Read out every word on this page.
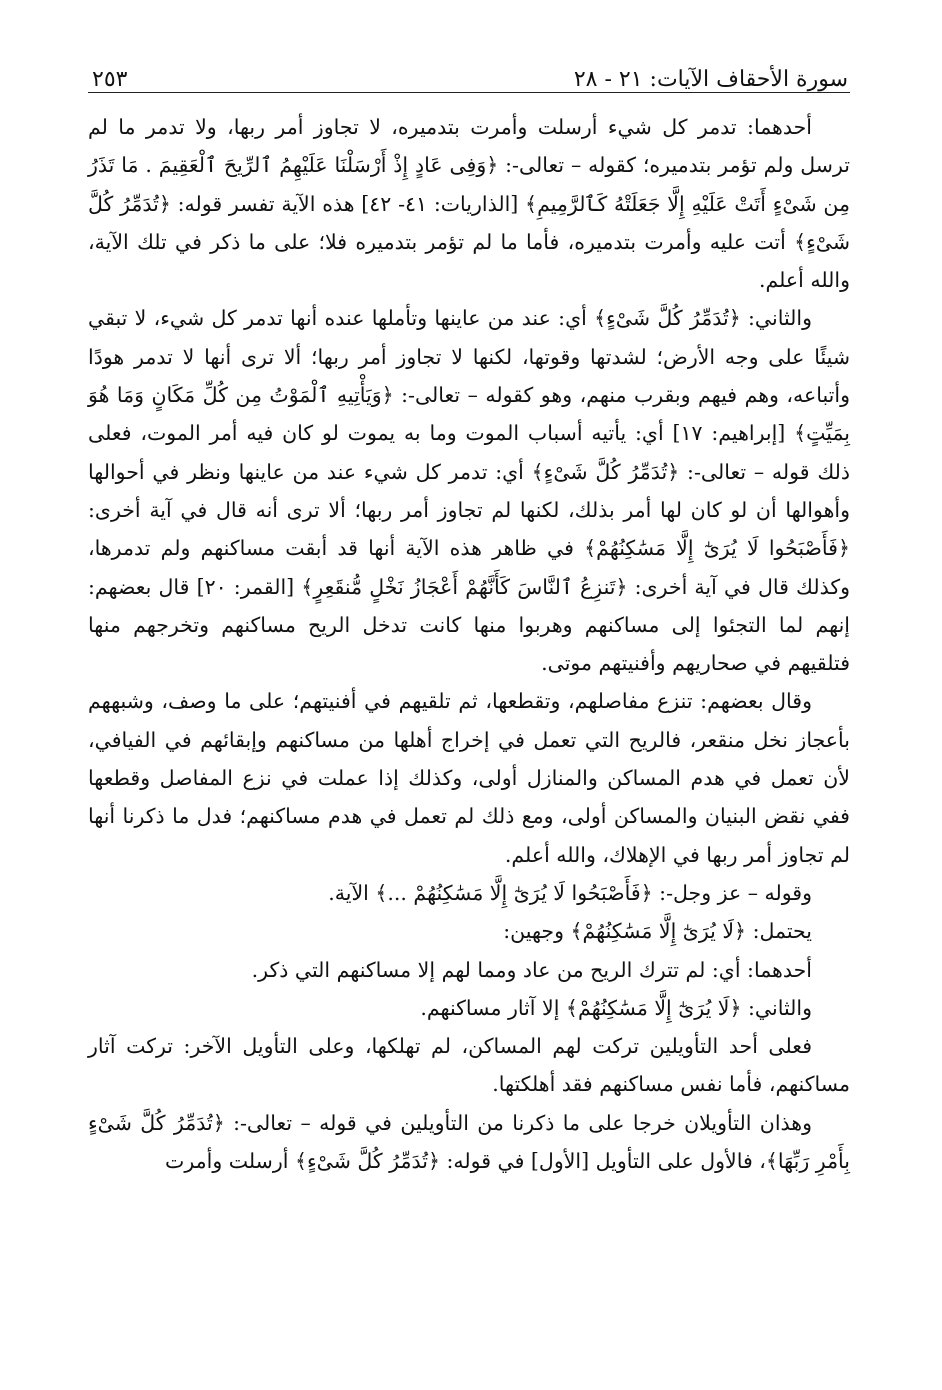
سورة الأحقاف الآيات: ٢١ - ٢٨
٢٥٣

أحدهما: تدمر كل شيء أرسلت وأمرت بتدميره، لا تجاوز أمر ربها، ولا تدمر ما لم ترسل ولم تؤمر بتدميره؛ كقوله – تعالى-: ﴿وَفِى عَادٍ إِذْ أَرْسَلْنَا عَلَيْهِمُ ٱلرِّيحَ ٱلْعَقِيمَ . مَا تَذَرُ مِن شَىْءٍ أَتَتْ عَلَيْهِ إِلَّا جَعَلَتْهُ كَٱلرَّمِيمِ﴾ [الذاريات: ٤١- ٤٢] هذه الآية تفسر قوله: ﴿تُدَمِّرُ كُلَّ شَىْءٍ﴾ أتت عليه وأمرت بتدميره، فأما ما لم تؤمر بتدميره فلا؛ على ما ذكر في تلك الآية، والله أعلم.

والثاني: ﴿تُدَمِّرُ كُلَّ شَىْءٍ﴾ أي: عند من عاينها وتأملها عنده أنها تدمر كل شيء، لا تبقي شيئًا على وجه الأرض؛ لشدتها وقوتها، لكنها لا تجاوز أمر ربها؛ ألا ترى أنها لا تدمر هودًا وأتباعه، وهم فيهم وبقرب منهم، وهو كقوله – تعالى-: ﴿وَيَأْتِيهِ ٱلْمَوْتُ مِن كُلِّ مَكَانٍ وَمَا هُوَ بِمَيِّتٍ﴾ [إبراهيم: ١٧] أي: يأتيه أسباب الموت وما به يموت لو كان فيه أمر الموت، فعلى ذلك قوله – تعالى-: ﴿تُدَمِّرُ كُلَّ شَىْءٍ﴾ أي: تدمر كل شيء عند من عاينها ونظر في أحوالها وأهوالها أن لو كان لها أمر بذلك، لكنها لم تجاوز أمر ربها؛ ألا ترى أنه قال في آية أخرى: ﴿فَأَصْبَحُوا لَا يُرَىٰٓ إِلَّا مَسَٰكِنُهُمْ﴾ في ظاهر هذه الآية أنها قد أبقت مساكنهم ولم تدمرها، وكذلك قال في آية أخرى: ﴿تَنزِعُ ٱلنَّاسَ كَأَنَّهُمْ أَعْجَازُ نَخْلٍ مُّنقَعِرٍ﴾ [القمر: ٢٠] قال بعضهم: إنهم لما التجئوا إلى مساكنهم وهربوا منها كانت تدخل الريح مساكنهم وتخرجهم منها فتلقيهم في صحاريهم وأفنيتهم موتى.

وقال بعضهم: تنزع مفاصلهم، وتقطعها، ثم تلقيهم في أفنيتهم؛ على ما وصف، وشبههم بأعجاز نخل منقعر، فالريح التي تعمل في إخراج أهلها من مساكنهم وإبقائهم في الفيافي، لأن تعمل في هدم المساكن والمنازل أولى، وكذلك إذا عملت في نزع المفاصل وقطعها ففي نقض البنيان والمساكن أولى، ومع ذلك لم تعمل في هدم مساكنهم؛ فدل ما ذكرنا أنها لم تجاوز أمر ربها في الإهلاك، والله أعلم.

وقوله – عز وجل-: ﴿فَأَصْبَحُوا لَا يُرَىٰٓ إِلَّا مَسَٰكِنُهُمْ ...﴾ الآية.

يحتمل: ﴿لَا يُرَىٰٓ إِلَّا مَسَٰكِنُهُمْ﴾ وجهين:

أحدهما: أي: لم تترك الريح من عاد ومما لهم إلا مساكنهم التي ذكر.

والثاني: ﴿لَا يُرَىٰٓ إِلَّا مَسَٰكِنُهُمْ﴾ إلا آثار مساكنهم.

فعلى أحد التأويلين تركت لهم المساكن، لم تهلكها، وعلى التأويل الآخر: تركت آثار مساكنهم، فأما نفس مساكنهم فقد أهلكتها.

وهذان التأويلان خرجا على ما ذكرنا من التأويلين في قوله – تعالى-: ﴿تُدَمِّرُ كُلَّ شَىْءٍ بِأَمْرِ رَبِّهَا﴾، فالأول على التأويل [الأول] في قوله: ﴿تُدَمِّرُ كُلَّ شَىْءٍ﴾ أرسلت وأمرت
